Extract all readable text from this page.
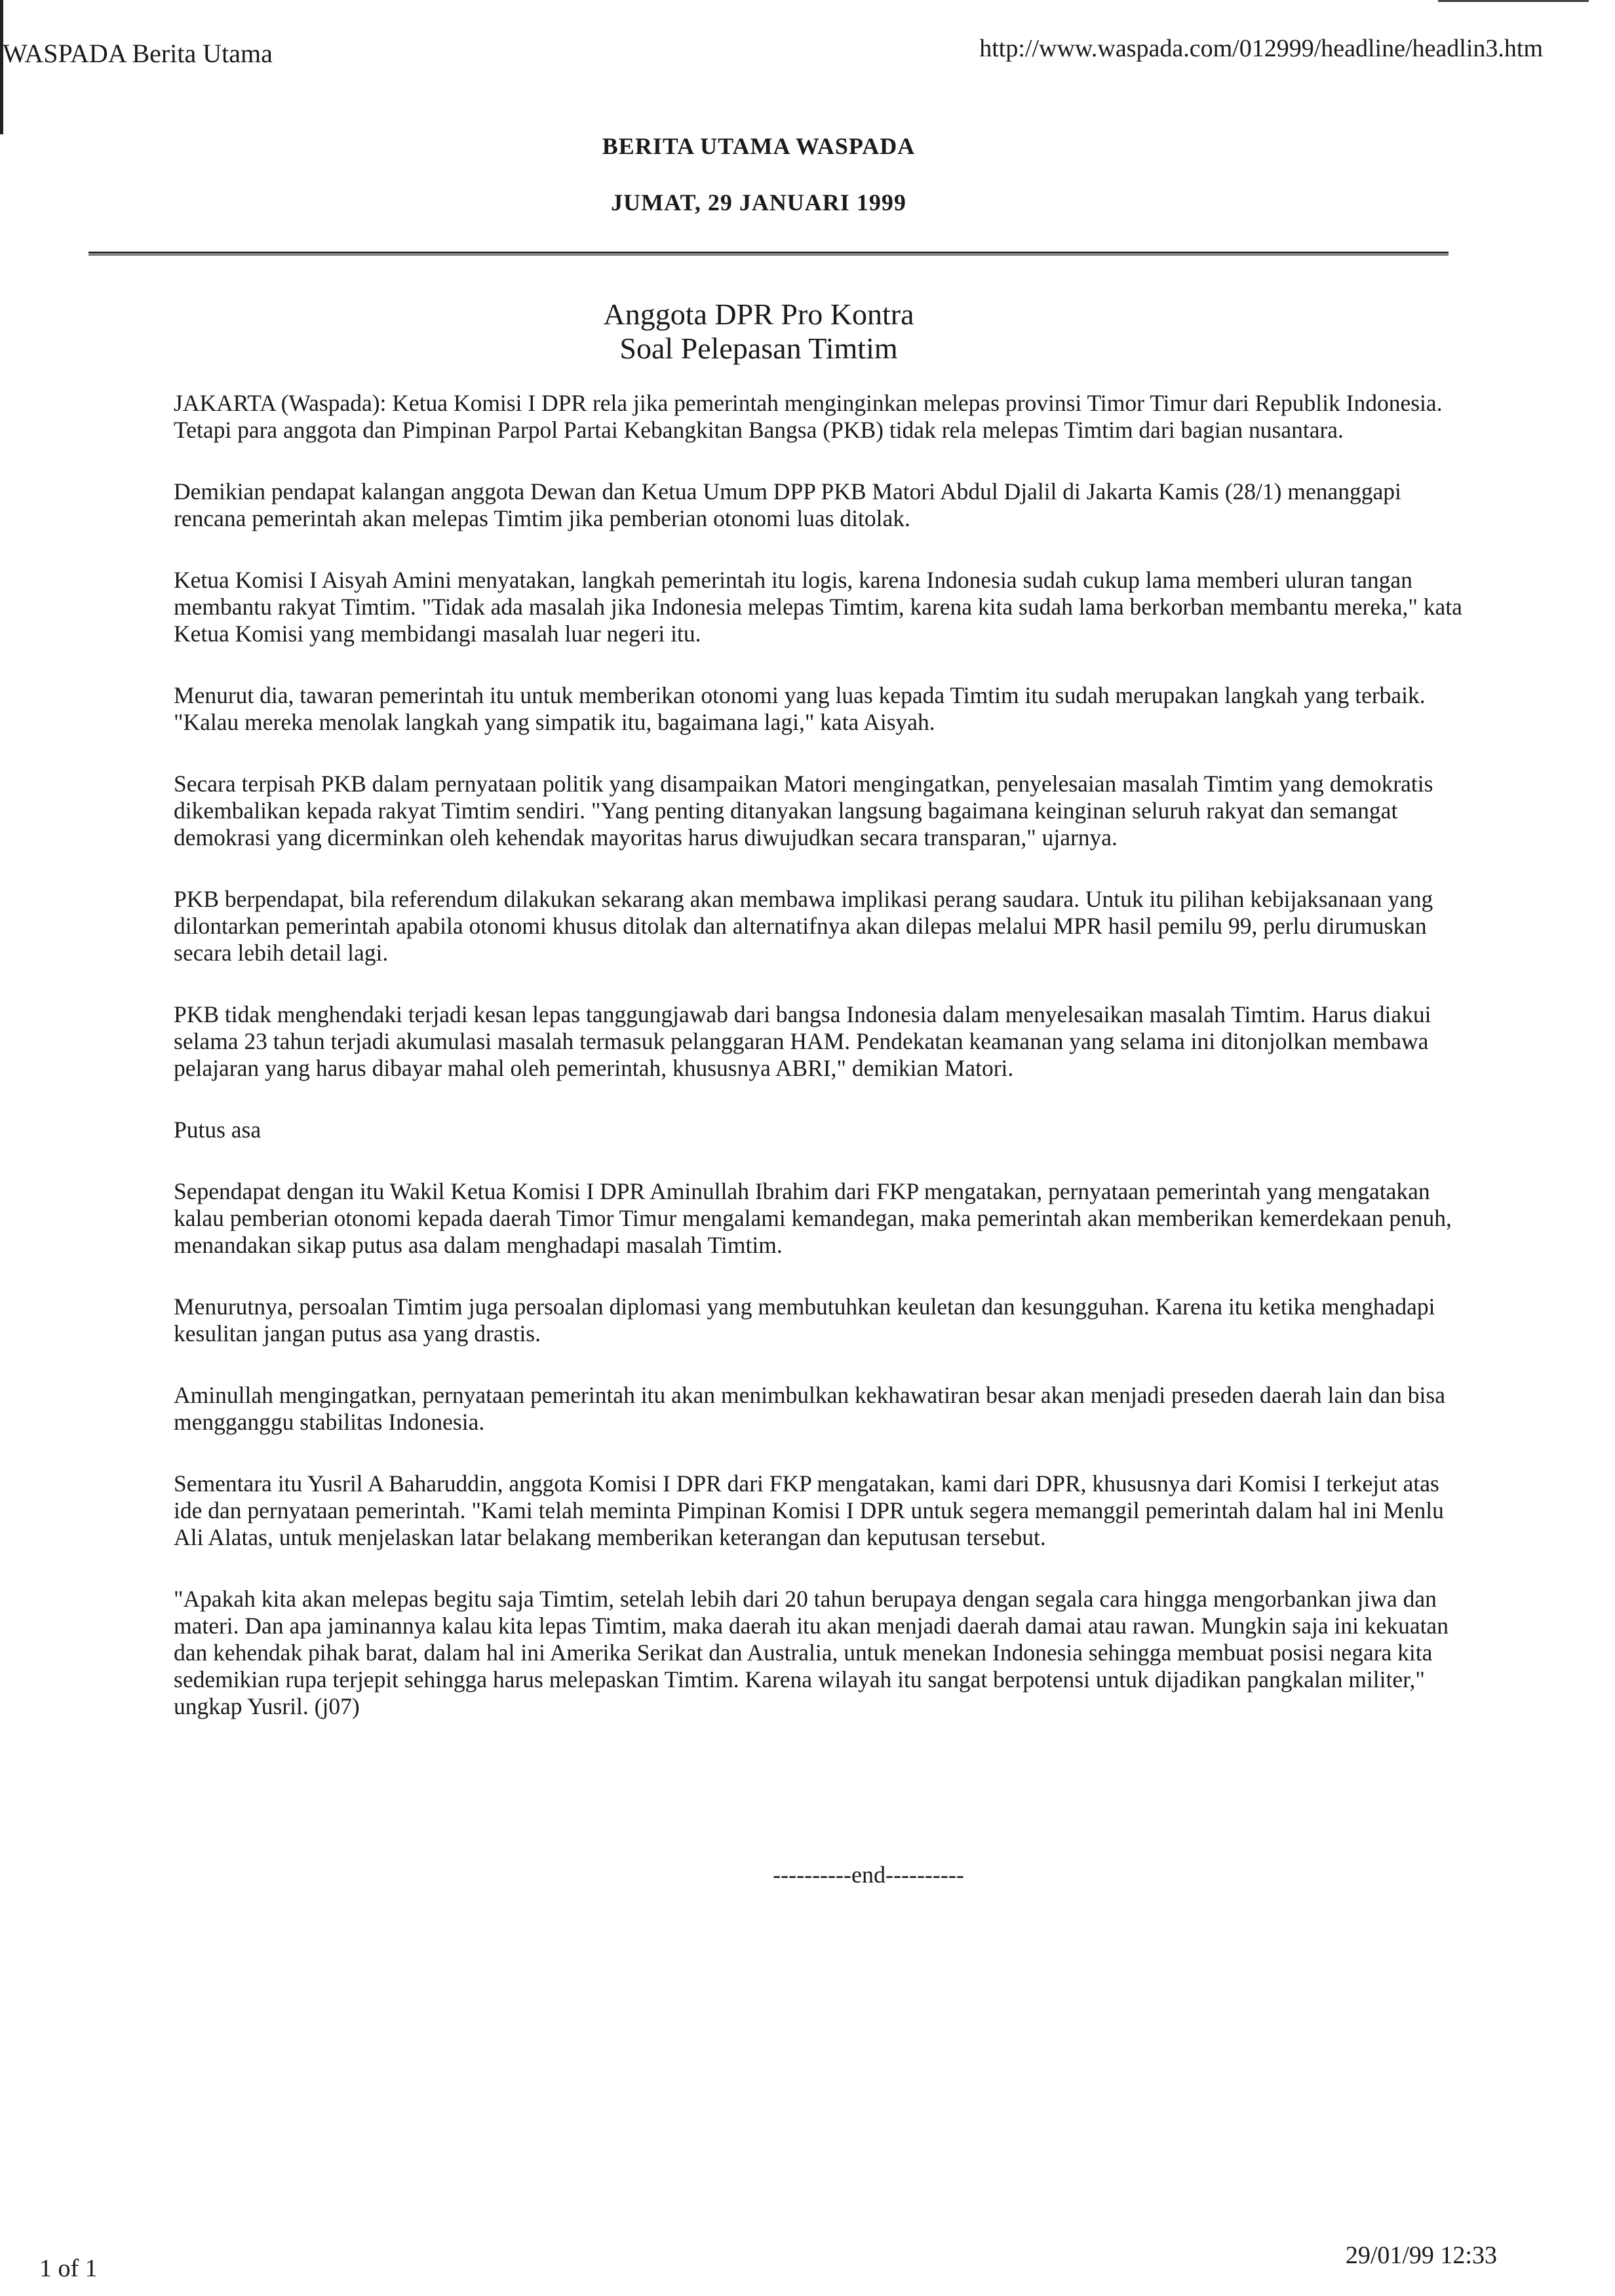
WASPADA Berita Utama	http://www.waspada.com/012999/headline/headlin3.htm
BERITA UTAMA WASPADA
JUMAT, 29 JANUARI 1999
Anggota DPR Pro Kontra
Soal Pelepasan Timtim

JAKARTA (Waspada): Ketua Komisi I DPR rela jika pemerintah menginginkan melepas provinsi Timor Timur dari Republik Indonesia. Tetapi para anggota dan Pimpinan Parpol Partai Kebangkitan Bangsa (PKB) tidak rela melepas Timtim dari bagian nusantara.

Demikian pendapat kalangan anggota Dewan dan Ketua Umum DPP PKB Matori Abdul Djalil di Jakarta Kamis (28/1) menanggapi rencana pemerintah akan melepas Timtim jika pemberian otonomi luas ditolak.

Ketua Komisi I Aisyah Amini menyatakan, langkah pemerintah itu logis, karena Indonesia sudah cukup lama memberi uluran tangan membantu rakyat Timtim. "Tidak ada masalah jika Indonesia melepas Timtim, karena kita sudah lama berkorban membantu mereka," kata Ketua Komisi yang membidangi masalah luar negeri itu.

Menurut dia, tawaran pemerintah itu untuk memberikan otonomi yang luas kepada Timtim itu sudah merupakan langkah yang terbaik. "Kalau mereka menolak langkah yang simpatik itu, bagaimana lagi," kata Aisyah.

Secara terpisah PKB dalam pernyataan politik yang disampaikan Matori mengingatkan, penyelesaian masalah Timtim yang demokratis dikembalikan kepada rakyat Timtim sendiri. "Yang penting ditanyakan langsung bagaimana keinginan seluruh rakyat dan semangat demokrasi yang dicerminkan oleh kehendak mayoritas harus diwujudkan secara transparan," ujarnya.

PKB berpendapat, bila referendum dilakukan sekarang akan membawa implikasi perang saudara. Untuk itu pilihan kebijaksanaan yang dilontarkan pemerintah apabila otonomi khusus ditolak dan alternatifnya akan dilepas melalui MPR hasil pemilu 99, perlu dirumuskan secara lebih detail lagi.

PKB tidak menghendaki terjadi kesan lepas tanggungjawab dari bangsa Indonesia dalam menyelesaikan masalah Timtim. Harus diakui selama 23 tahun terjadi akumulasi masalah termasuk pelanggaran HAM. Pendekatan keamanan yang selama ini ditonjolkan membawa pelajaran yang harus dibayar mahal oleh pemerintah, khususnya ABRI," demikian Matori.

Putus asa

Sependapat dengan itu Wakil Ketua Komisi I DPR Aminullah Ibrahim dari FKP mengatakan, pernyataan pemerintah yang mengatakan kalau pemberian otonomi kepada daerah Timor Timur mengalami kemandegan, maka pemerintah akan memberikan kemerdekaan penuh, menandakan sikap putus asa dalam menghadapi masalah Timtim.

Menurutnya, persoalan Timtim juga persoalan diplomasi yang membutuhkan keuletan dan kesungguhan. Karena itu ketika menghadapi kesulitan jangan putus asa yang drastis.

Aminullah mengingatkan, pernyataan pemerintah itu akan menimbulkan kekhawatiran besar akan menjadi preseden daerah lain dan bisa mengganggu stabilitas Indonesia.

Sementara itu Yusril A Baharuddin, anggota Komisi I DPR dari FKP mengatakan, kami dari DPR, khususnya dari Komisi I terkejut atas ide dan pernyataan pemerintah. "Kami telah meminta Pimpinan Komisi I DPR untuk segera memanggil pemerintah dalam hal ini Menlu Ali Alatas, untuk menjelaskan latar belakang memberikan keterangan dan keputusan tersebut.

"Apakah kita akan melepas begitu saja Timtim, setelah lebih dari 20 tahun berupaya dengan segala cara hingga mengorbankan jiwa dan materi. Dan apa jaminannya kalau kita lepas Timtim, maka daerah itu akan menjadi daerah damai atau rawan. Mungkin saja ini kekuatan dan kehendak pihak barat, dalam hal ini Amerika Serikat dan Australia, untuk menekan Indonesia sehingga membuat posisi negara kita sedemikian rupa terjepit sehingga harus melepaskan Timtim. Karena wilayah itu sangat berpotensi untuk dijadikan pangkalan militer," ungkap Yusril. (j07)

----------end----------
1 of 1	29/01/99 12:33
